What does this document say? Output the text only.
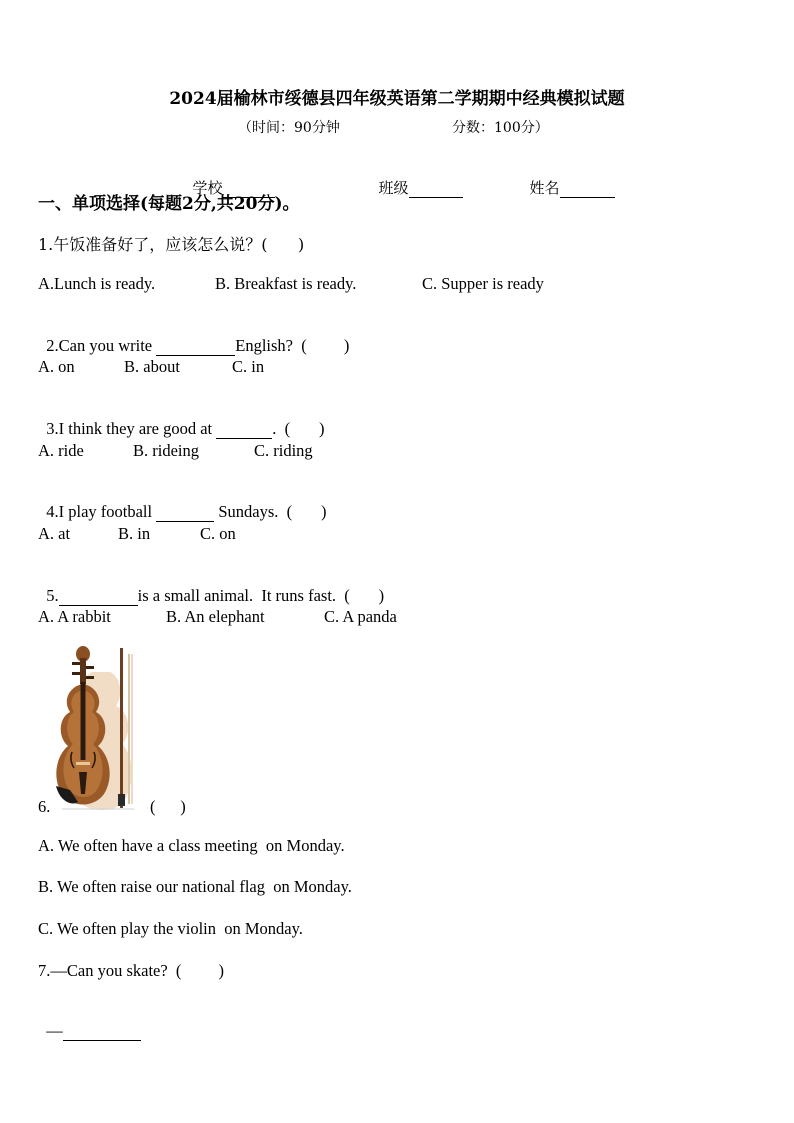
2024届榆林市绥德县四年级英语第二学期期中经典模拟试题
（时间：90分钟	分数：100分）

学校	班级	姓名

一、单项选择(每题2分,共20分)。
1.午饭准备好了，应该怎么说？(      )
A.Lunch is ready.	B. Breakfast is ready.	C. Supper is ready

2.Can you write	English?  (         )

A. on	B. about	C. in

3.I think they are good at	.  (       )

A. ride	B. rideing	C. riding

4.I play football	Sundays.  (       )

A. at	B. in	C. on

5.	is a small animal.  It runs fast.  (       )

A. A rabbit	B. An elephant	C. A panda
6.	(      )
A. We often have a class meeting  on Monday.
B. We often raise our national flag  on Monday.
C. We often play the violin  on Monday.
7.—Can you skate?  (         )

—
